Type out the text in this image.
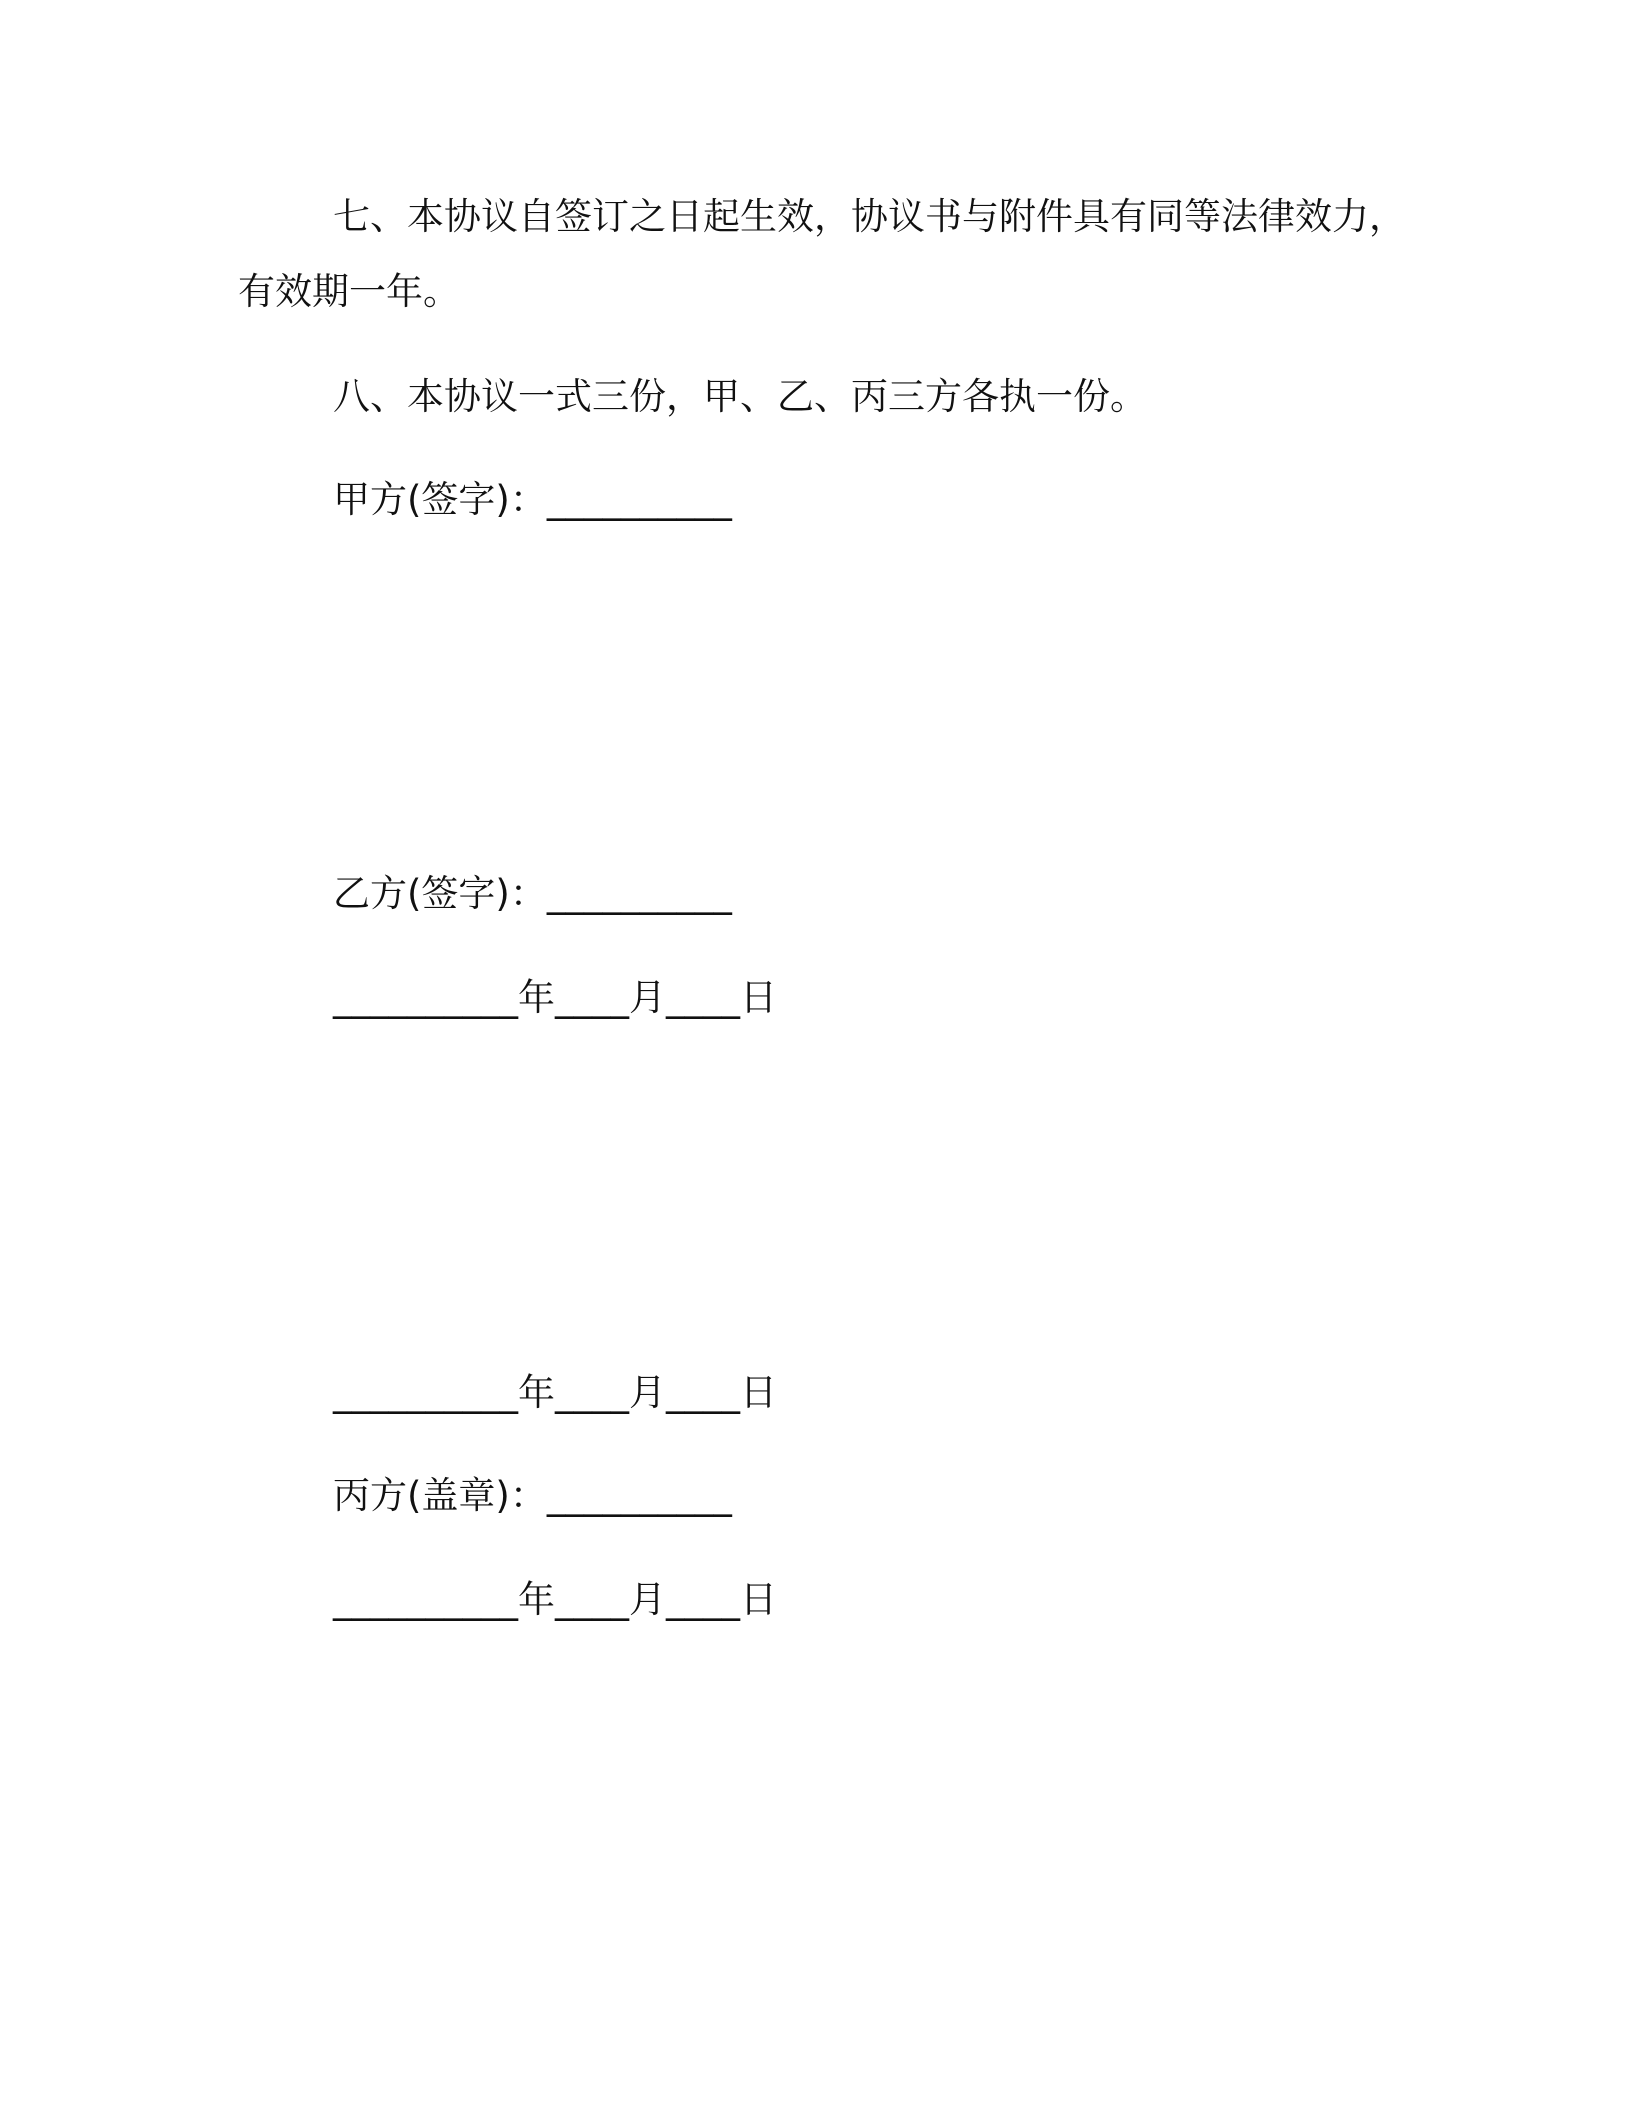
七、本协议自签订之日起生效，协议书与附件具有同等法律效力，
有效期一年。
八、本协议一式三份，甲、乙、丙三方各执一份。
甲方(签字)：__________
乙方(签字)：__________
__________年____月____日
__________年____月____日
丙方(盖章)：__________
__________年____月____日
